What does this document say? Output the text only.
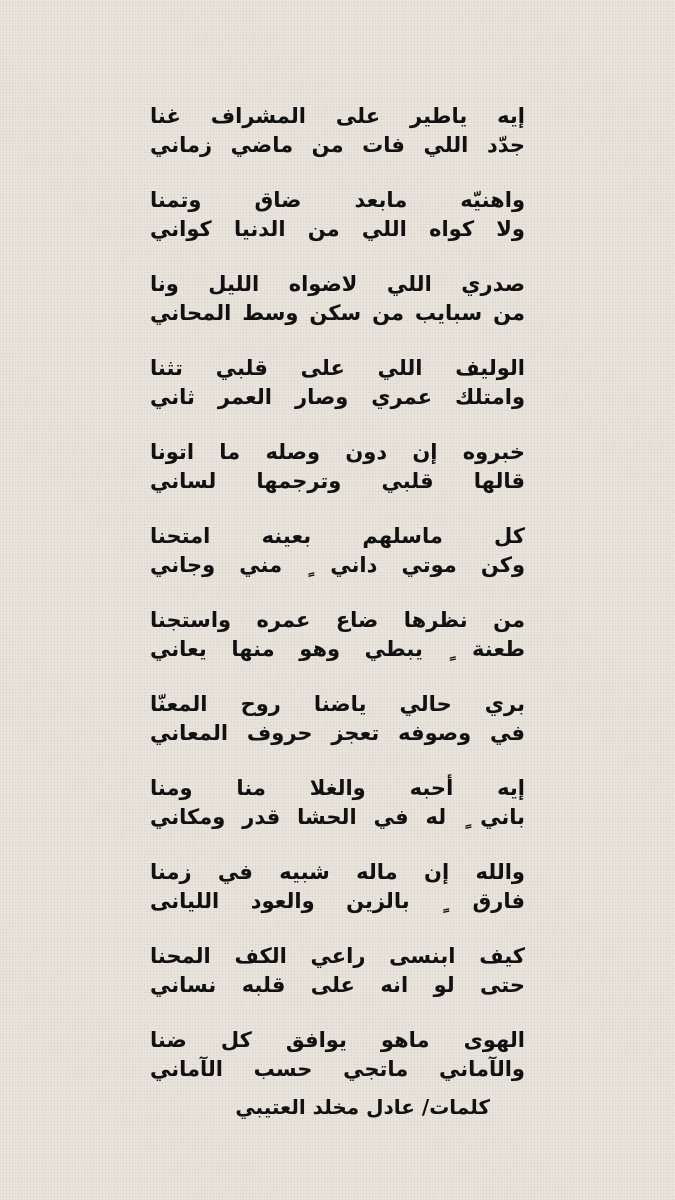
إيه ياطير على المشراف غنا
جدّد اللي فات من ماضي زماني
واهنيّه مابعد ضاق وتمنا
ولا كواه اللي من الدنيا كواني
صدري اللي لاضواه الليل ونا
من سبايب من سكن وسط المحاني
الوليف اللي على قلبي تثنا
وامتلك عمري وصار العمر ثاني
خبروه إن دون وصله ما اتونا
قالها قلبي وترجمها لساني
كل ماسلهم بعينه امتحنا
وكن موتي داني ٍ مني وجاني
من نظرها ضاع عمره واستجنا
طعنة ٍ يبطي وهو منها يعاني
بري حالي ياضنا روح المعنّا
في وصوفه تعجز حروف المعاني
إيه أحبه والغلا منا ومنا
باني ٍ له في الحشا قدر ومكاني
والله إن ماله شبيه في زمنا
فارق ٍ بالزين والعود الليانى
كيف ابنسى راعي الكف المحنا
حتى لو انه على قلبه نساني
الهوى ماهو يوافق كل ضنا
والآماني ماتجي حسب الآماني
كلمات/ عادل مخلد العتيبي
